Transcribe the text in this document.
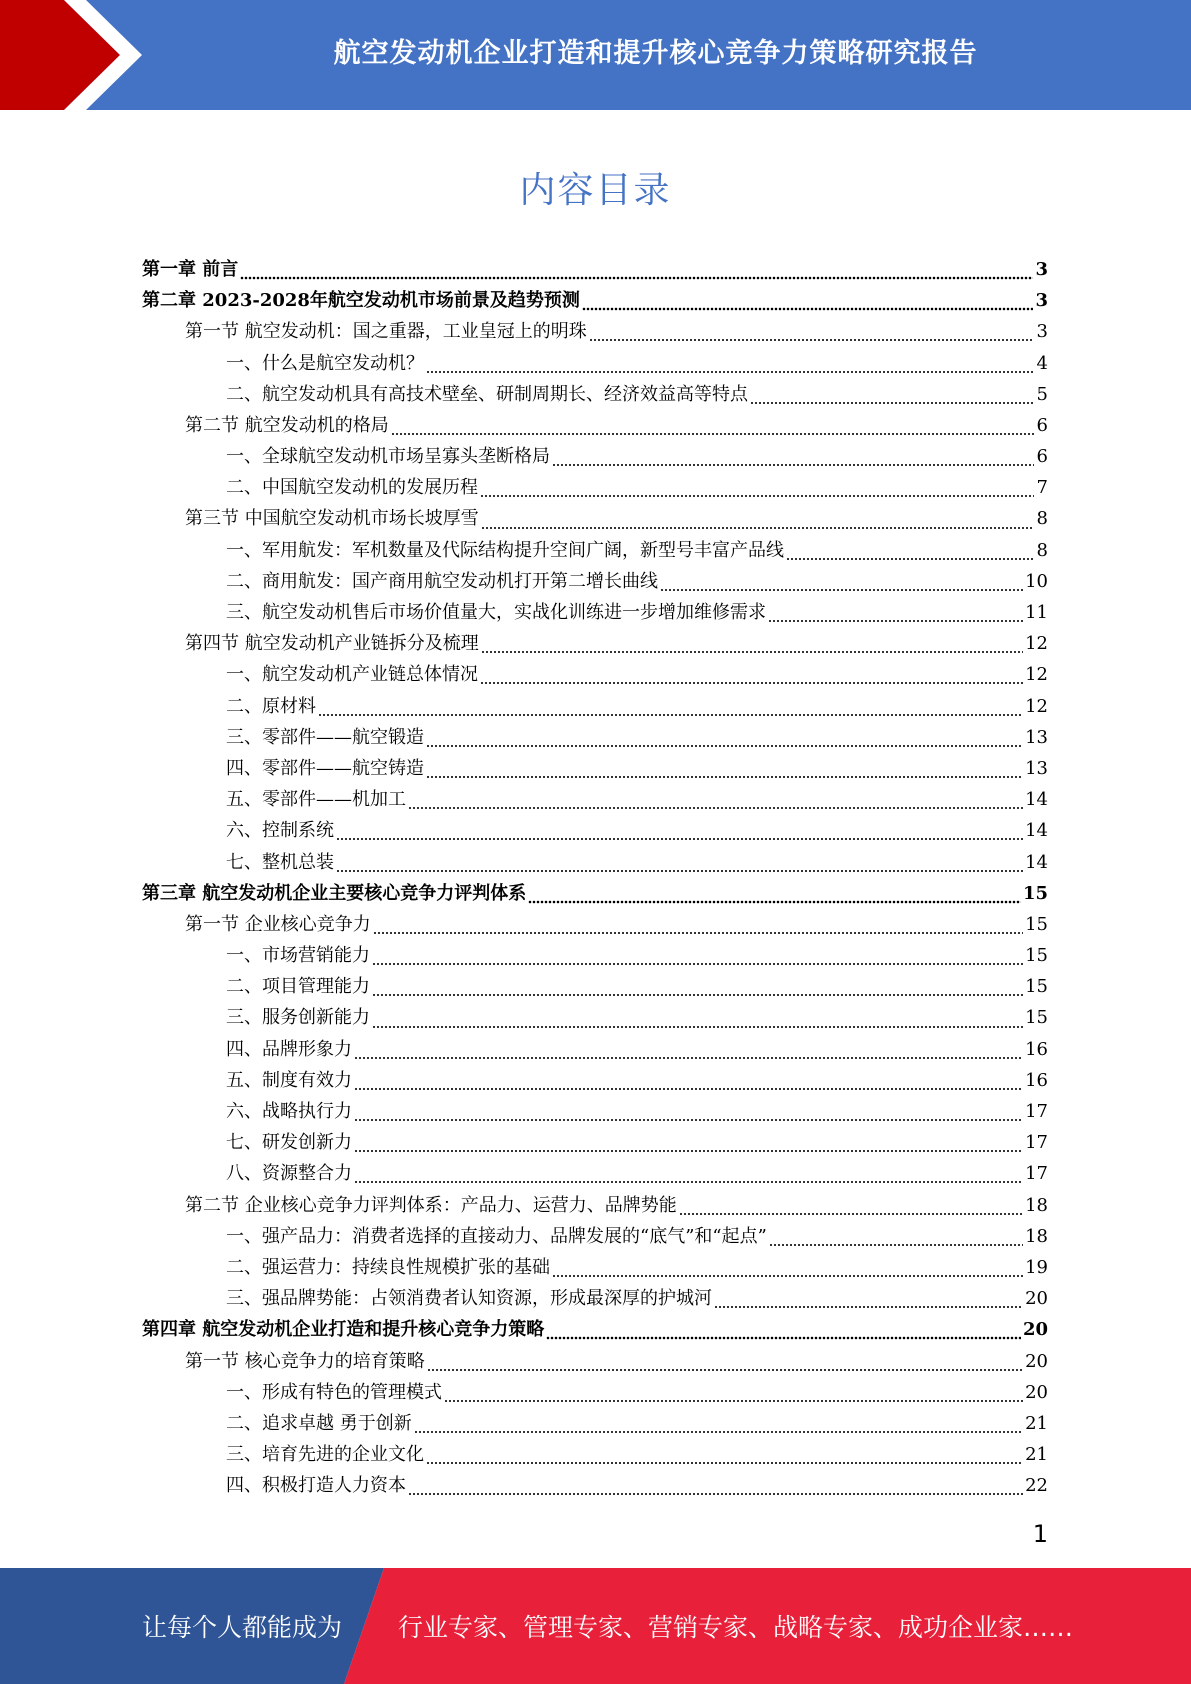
航空发动机企业打造和提升核心竞争力策略研究报告
内容目录
第一章 前言	3
第二章 2023-2028年航空发动机市场前景及趋势预测	3
第一节 航空发动机：国之重器，工业皇冠上的明珠	3
一、什么是航空发动机？	4
二、航空发动机具有高技术壁垒、研制周期长、经济效益高等特点	5
第二节 航空发动机的格局	6
一、全球航空发动机市场呈寡头垄断格局	6
二、中国航空发动机的发展历程	7
第三节 中国航空发动机市场长坡厚雪	8
一、军用航发：军机数量及代际结构提升空间广阔，新型号丰富产品线	8
二、商用航发：国产商用航空发动机打开第二增长曲线	10
三、航空发动机售后市场价值量大，实战化训练进一步增加维修需求	11
第四节 航空发动机产业链拆分及梳理	12
一、航空发动机产业链总体情况	12
二、原材料	12
三、零部件——航空锻造	13
四、零部件——航空铸造	13
五、零部件——机加工	14
六、控制系统	14
七、整机总装	14
第三章 航空发动机企业主要核心竞争力评判体系	15
第一节 企业核心竞争力	15
一、市场营销能力	15
二、项目管理能力	15
三、服务创新能力	15
四、品牌形象力	16
五、制度有效力	16
六、战略执行力	17
七、研发创新力	17
八、资源整合力	17
第二节 企业核心竞争力评判体系：产品力、运营力、品牌势能	18
一、强产品力：消费者选择的直接动力、品牌发展的“底气”和“起点”	18
二、强运营力：持续良性规模扩张的基础	19
三、强品牌势能：占领消费者认知资源，形成最深厚的护城河	20
第四章 航空发动机企业打造和提升核心竞争力策略	20
第一节 核心竞争力的培育策略	20
一、形成有特色的管理模式	20
二、追求卓越 勇于创新	21
三、培育先进的企业文化	21
四、积极打造人力资本	22
1
让每个人都能成为 行业专家、管理专家、营销专家、战略专家、成功企业家……
